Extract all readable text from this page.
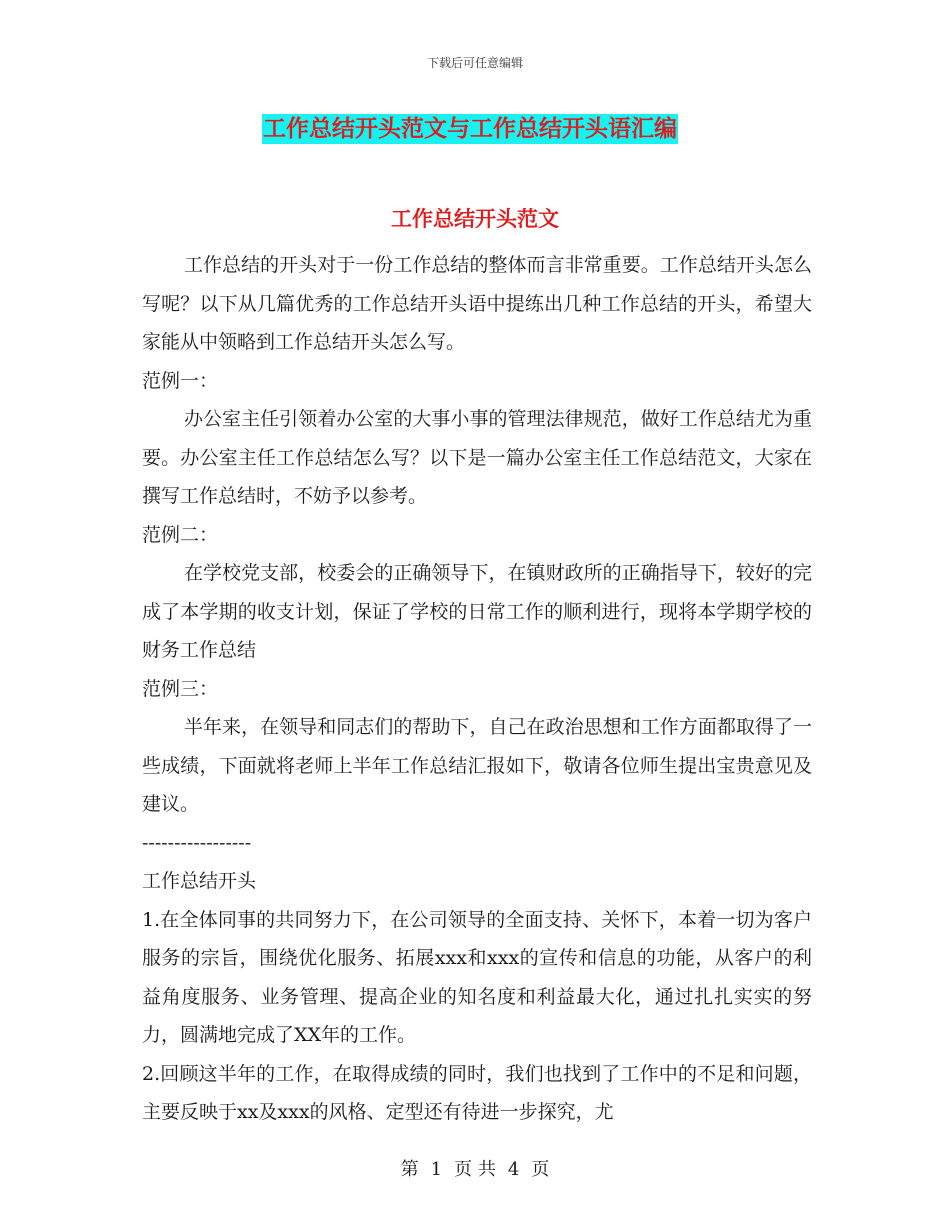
下载后可任意编辑
工作总结开头范文与工作总结开头语汇编
工作总结开头范文

工作总结的开头对于一份工作总结的整体而言非常重要。工作总结开头怎么写呢？以下从几篇优秀的工作总结开头语中提练出几种工作总结的开头，希望大家能从中领略到工作总结开头怎么写。

范例一：

办公室主任引领着办公室的大事小事的管理法律规范，做好工作总结尤为重要。办公室主任工作总结怎么写？以下是一篇办公室主任工作总结范文，大家在撰写工作总结时，不妨予以参考。

范例二：

在学校党支部，校委会的正确领导下，在镇财政所的正确指导下，较好的完成了本学期的收支计划，保证了学校的日常工作的顺利进行，现将本学期学校的财务工作总结

范例三：

半年来，在领导和同志们的帮助下，自己在政治思想和工作方面都取得了一些成绩，下面就将老师上半年工作总结汇报如下，敬请各位师生提出宝贵意见及建议。

-----------------

工作总结开头

1.在全体同事的共同努力下，在公司领导的全面支持、关怀下，本着一切为客户服务的宗旨，围绕优化服务、拓展xxx和xxx的宣传和信息的功能，从客户的利益角度服务、业务管理、提高企业的知名度和利益最大化，通过扎扎实实的努力，圆满地完成了XX年的工作。

2.回顾这半年的工作，在取得成绩的同时，我们也找到了工作中的不足和问题，主要反映于xx及xxx的风格、定型还有待进一步探究，尤

第 1 页 共 4 页
